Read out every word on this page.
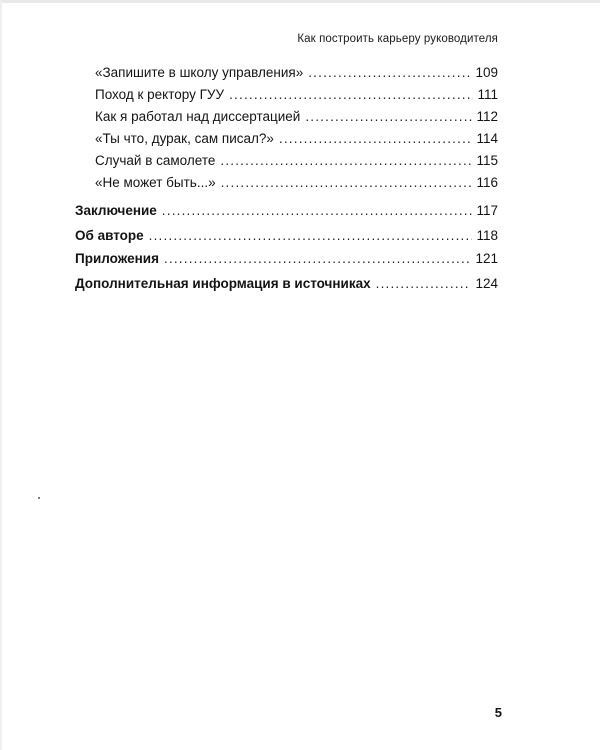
Как построить карьеру руководителя
«Запишите в школу управления» .....	109
Поход к ректору ГУУ .....	111
Как я работал над диссертацией .....	112
«Ты что, дурак, сам писал?» .....	114
Случай в самолете .....	115
«Не может быть...» .....	116
Заключение .....	117
Об авторе .....	118
Приложения .....	121
Дополнительная информация в источниках .....	124
5
